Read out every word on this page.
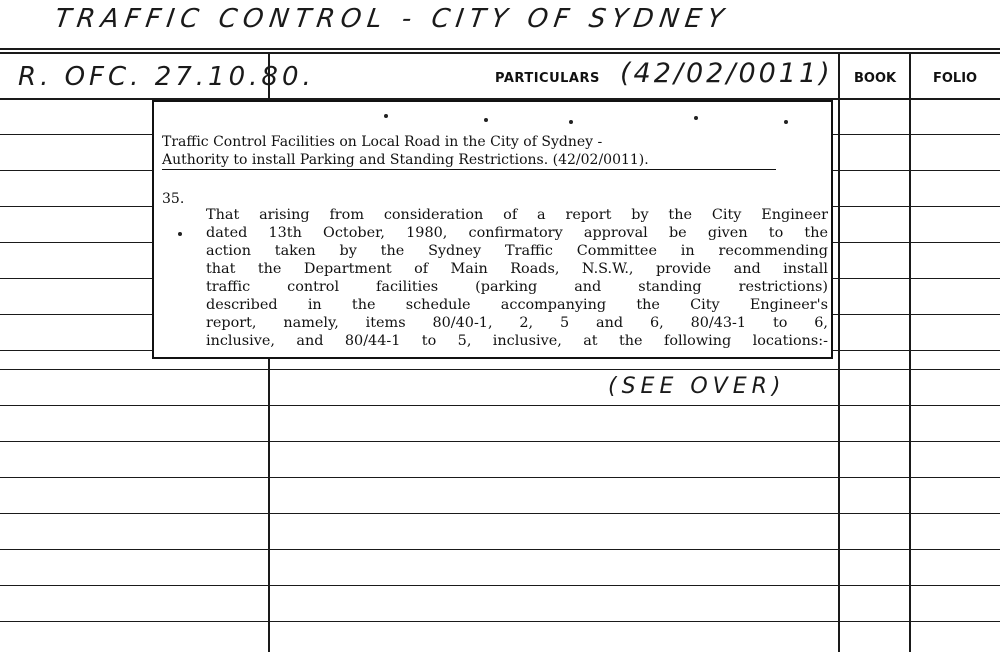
TRAFFIC CONTROL - CITY OF SYDNEY
R. OFC. 27.10.80.	PARTICULARS (42/02/0011) BOOK	FOLIO
Traffic Control Facilities on Local Road in the City of Sydney -
Authority to install Parking and Standing Restrictions. (42/02/0011).
35.
That arising from consideration of a report by the City Engineer
dated 13th October, 1980, confirmatory approval be given to the
action taken by the Sydney Traffic Committee in recommending
that the Department of Main Roads, N.S.W., provide and install
traffic control facilities (parking and standing restrictions)
described in the schedule accompanying the City Engineer's
report, namely, items 80/40-1, 2, 5 and 6, 80/43-1 to 6,
inclusive, and 80/44-1 to 5, inclusive, at the following locations:-
(SEE OVER)
